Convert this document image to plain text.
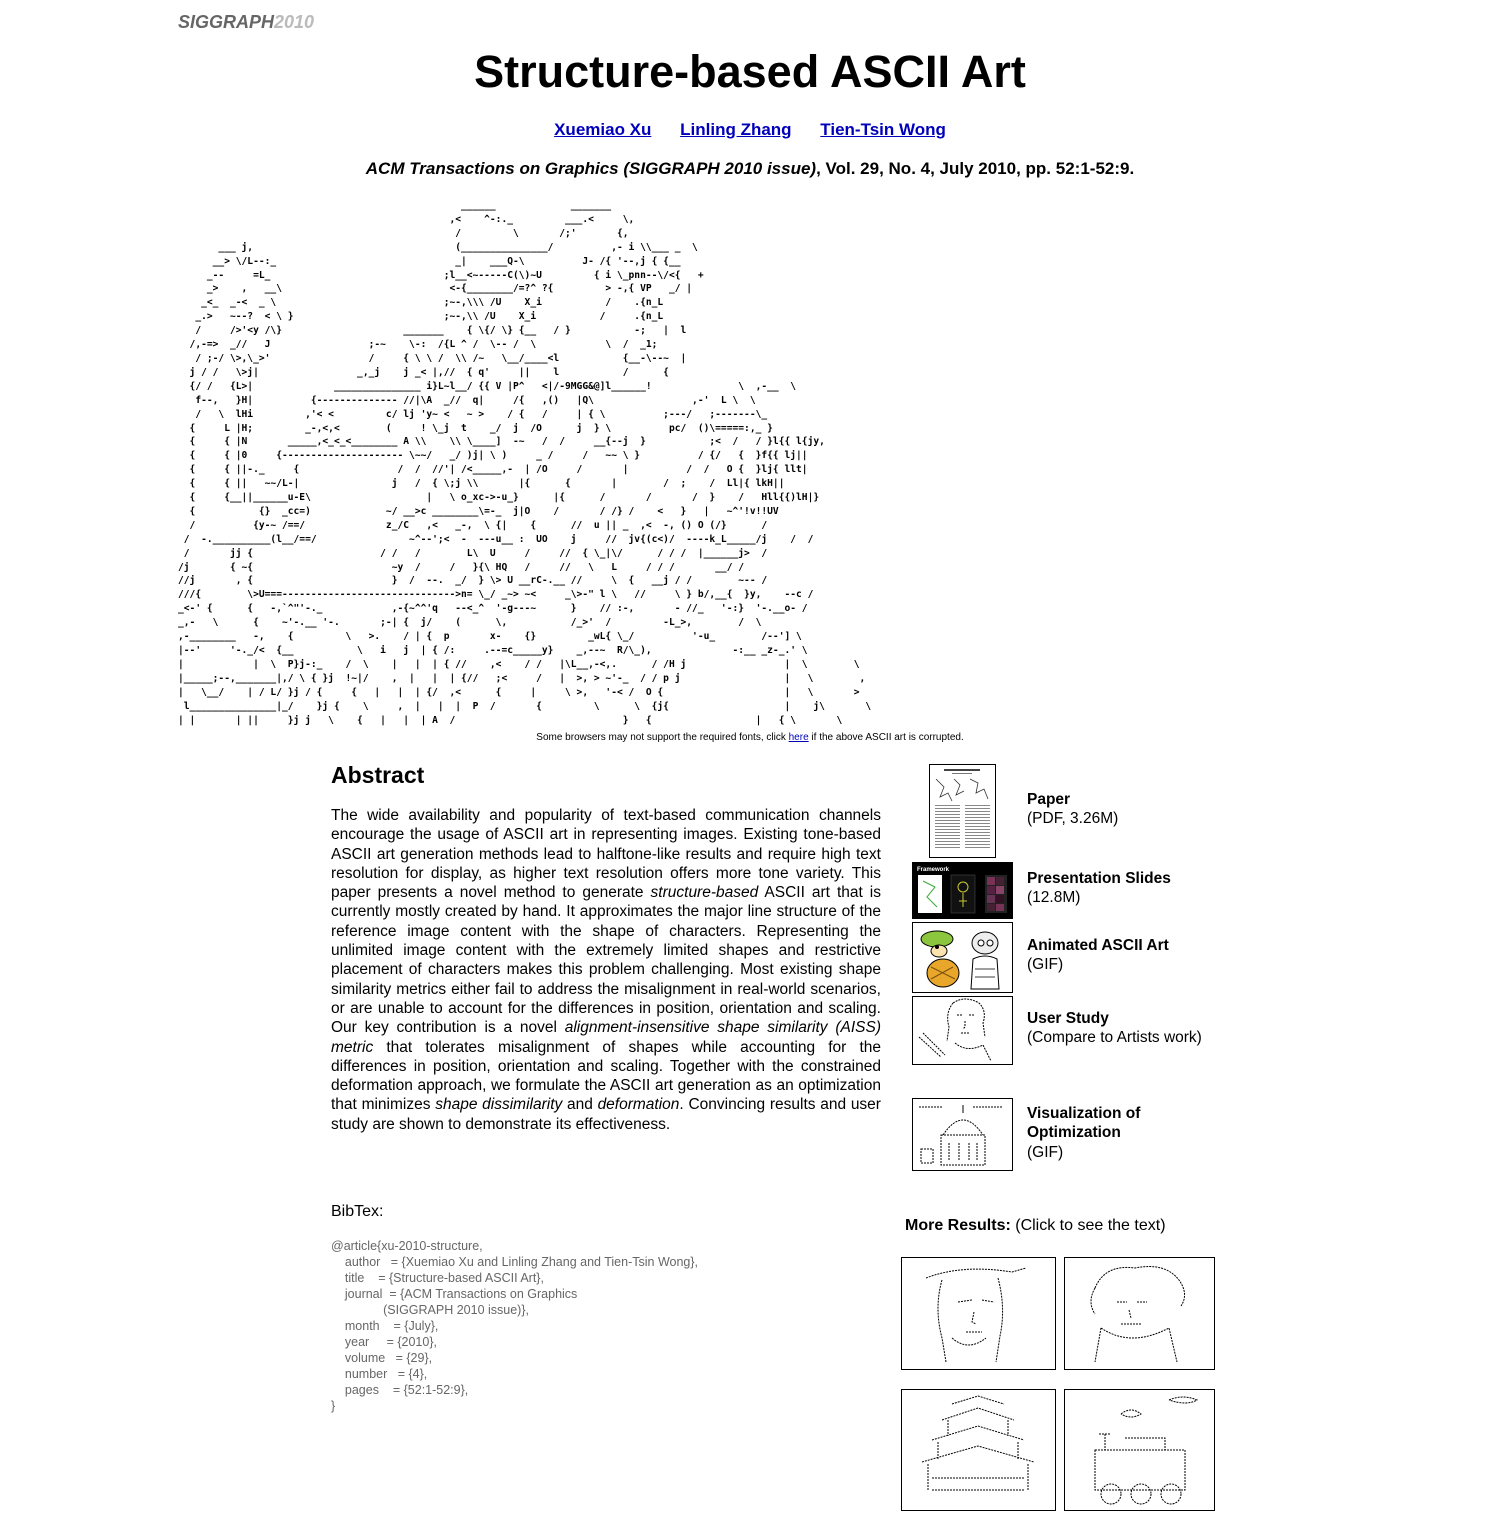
SIGGRAPH2010
Structure-based ASCII Art
Xuemiao Xu Linling Zhang Tien-Tsin Wong
ACM Transactions on Graphics (SIGGRAPH 2010 issue), Vol. 29, No. 4, July 2010, pp. 52:1-52:9.
______             _______
,<    ^-:._         ___.<     \,
/         \       /;'       {,
___ j,                                   (_______________/          ,- i \\___ _  \
__> \/L--:_                               _|    ___Q-\          J- /{ '--,j { {__
_--     =L_                              ;l__<~-----C(\)~U         { i \_pnn--\/<{   +
_>    ,   __\                             <-{________/=?^ ?{         > -,{ VP   _/ |
_<_  _-<  _ \                             ;~-,\\\ /U    X_i           /    .{n_L
_.>   ~--?  < \ }                          ;~-,\\ /U    X_i           /     .{n_L
/     />'<y /\}                     _______    { \{/ \} {__   / }           -;   |  l
/,-=>  _//   J                 ;-~    \-:  /{L ^ /  \-- /  \            \  /  _1;
/ ;-/ \>,\_>'                 /     { \ \ /  \\ /~   \__/____<l           {__-\--~  |
j / /   \>j|                 _,_j    j _< |,//  { q'     ||    l           /      {
{/ /   {L>|              _______________ i}L~l__/ {{ V |P^   <|/-9MGG&@]l______!               \  ,-__  \
f--,   }H|          {-------------- //|\A  _//  q|     /{   ,()   |Q\                 ,-'  L \  \
/   \  lHi         ,'< <         c/ lj 'y~ <   ~ >    / {   /     | { \          ;---/   ;-------\_
{     L |H;         _-,<,<        (     ! \_j  t    _/  j  /O      j  } \          pc/  ()\=====:,_ }
{     { |N       _____,<_<_<________ A \\    \\ \____]  -~   /  /     __{--j  }           ;<  /   / }l{{ l{jy,
{     { |0     {--------------------- \~~/   _/ )j| \ )     _ /     /   ~~ \ }          / {/   {  }f{{ lj||
{     { ||-._     {                 /  /  //'| /<_____,-  | /O     /       |          /  /   O {  }lj{ llt|
{     { ||   ~~/L-|                j   /  { \;j \\       |{      {       |        /  ;    /  Ll|{ lkH||
{     {__||______u-E\                    |   \ o_xc->-u_}      |{      /       /       /  }    /   Hll{{)lH|}
{           {}  _cc=)             ~/ __>c ________\=-_  j|O    /       / /} /    <   }   |   ~^'!v!!UV
/          {y-~ /==/              z_/C   ,<   _-,  \ {|    {      //  u || _  ,<  -, () O (/}      /
/  -.__________(l__/==/                ~^--';<  -  ---u__ :  UO    j     //  jv{(c<)/  ----k_L_____/j    /  /
/       jj {                      / /   /        L\  U     /     //  { \_|\/      / / /  |______j>  /
/j       { ~{                        ~y  /     /   }{\ HQ   /     //   \   L     / / /       __/ /
//j       , {                        }  /  --.  _/  } \> U __rC-.__ //     \  {   __j / /        ~-- /
///{        \>U===------------------------------>n= \_/ _~> ~<     _\>-" l \   //     \ } b/,__{  }y,    --c /
_<-' {      {   -,`^"'-._            ,-{~^^'q   --<_^  '-g---~      }    // :-,       - //_   '-:}  '-.__o- /
_,-   \      {    ~'-.__ '-.       ;-| {  j/    (      \,           /_>'  /         -L_>,        /  \
,-________   -,    {         \   >.    / | {  p       x-    {}         _wL{ \_/          '-u_        /--'] \
|--'     '-._/<  {__           \   i   j  | { /:     .--=c_____y}    _,--~  R/\_),              -:__ _z-_.' \
|            |  \  P}j-:_    /  \    |   |  | { //    ,<    / /   |\L__,-<,.      / /H j                 |  \        \
|_____;--,_______|,/ \ { }j  !~|/    ,  |   |  | {//   ;<     /   |  >, > ~'-_  / / p j                  |   \        ,
|   \__/    | / L/ }j / {     {   |   |  | {/  ,<      {     |     \ >,   '-< /  O {                     |   \       >
l_______________|_/    }j {    \     ,  |   |  |  P  /       {         \      \  {j{                    |    j\       \
| |       | ||     }j j   \    {   |   |  | A  /                             }   {                  |   { \       \
Some browsers may not support the required fonts, click here if the above ASCII art is corrupted.
Abstract

The wide availability and popularity of text-based communication channels encourage the usage of ASCII art in representing images. Existing tone-based ASCII art generation methods lead to halftone-like results and require high text resolution for display, as higher text resolution offers more tone variety. This paper presents a novel method to generate structure-based ASCII art that is currently mostly created by hand. It approximates the major line structure of the reference image content with the shape of characters. Representing the unlimited image content with the extremely limited shapes and restrictive placement of characters makes this problem challenging. Most existing shape similarity metrics either fail to address the misalignment in real-world scenarios, or are unable to account for the differences in position, orientation and scaling. Our key contribution is a novel alignment-insensitive shape similarity (AISS) metric that tolerates misalignment of shapes while accounting for the differences in position, orientation and scaling. Together with the constrained deformation approach, we formulate the ASCII art generation as an optimization that minimizes shape dissimilarity and deformation. Convincing results and user study are shown to demonstrate its effectiveness.

BibTex:
@article{xu-2010-structure,
author   = {Xuemiao Xu and Linling Zhang and Tien-Tsin Wong},
title    = {Structure-based ASCII Art},
journal  = {ACM Transactions on Graphics
(SIGGRAPH 2010 issue)},
month    = {July},
year     = {2010},
volume   = {29},
number   = {4},
pages    = {52:1-52:9},
}
Paper
(PDF, 3.26M)
Framework	Presentation Slides
(12.8M)
Animated ASCII Art
(GIF)
User Study
(Compare to Artists work)
Visualization of Optimization
(GIF)
More Results: (Click to see the text)
